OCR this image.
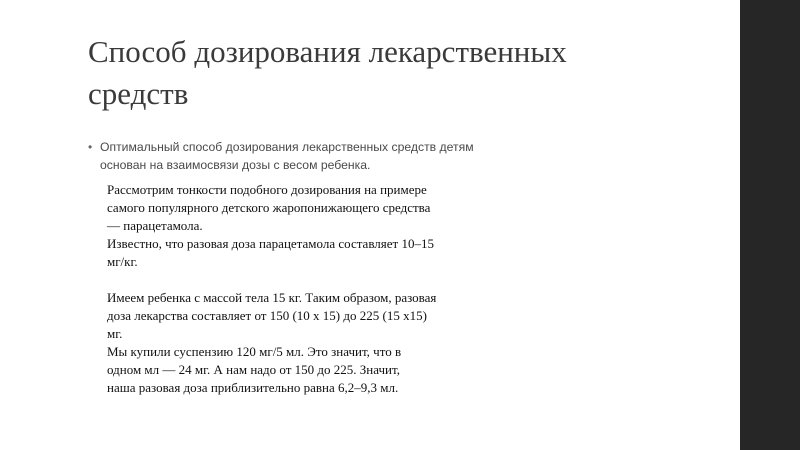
Способ дозирования лекарственных
средств
• Оптимальный способ дозирования лекарственных средств детям
основан на взаимосвязи дозы с весом ребенка.
Рассмотрим тонкости подобного дозирования на примере
самого популярного детского жаропонижающего средства
— парацетамола.
Известно, что разовая доза парацетамола составляет 10–15
мг/кг.
Имеем ребенка с массой тела 15 кг. Таким образом, разовая
доза лекарства составляет от 150 (10 х 15) до 225 (15 х15)
мг.
Мы купили суспензию 120 мг/5 мл. Это значит, что в
одном мл — 24 мг. А нам надо от 150 до 225. Значит,
наша разовая доза приблизительно равна 6,2–9,3 мл.
